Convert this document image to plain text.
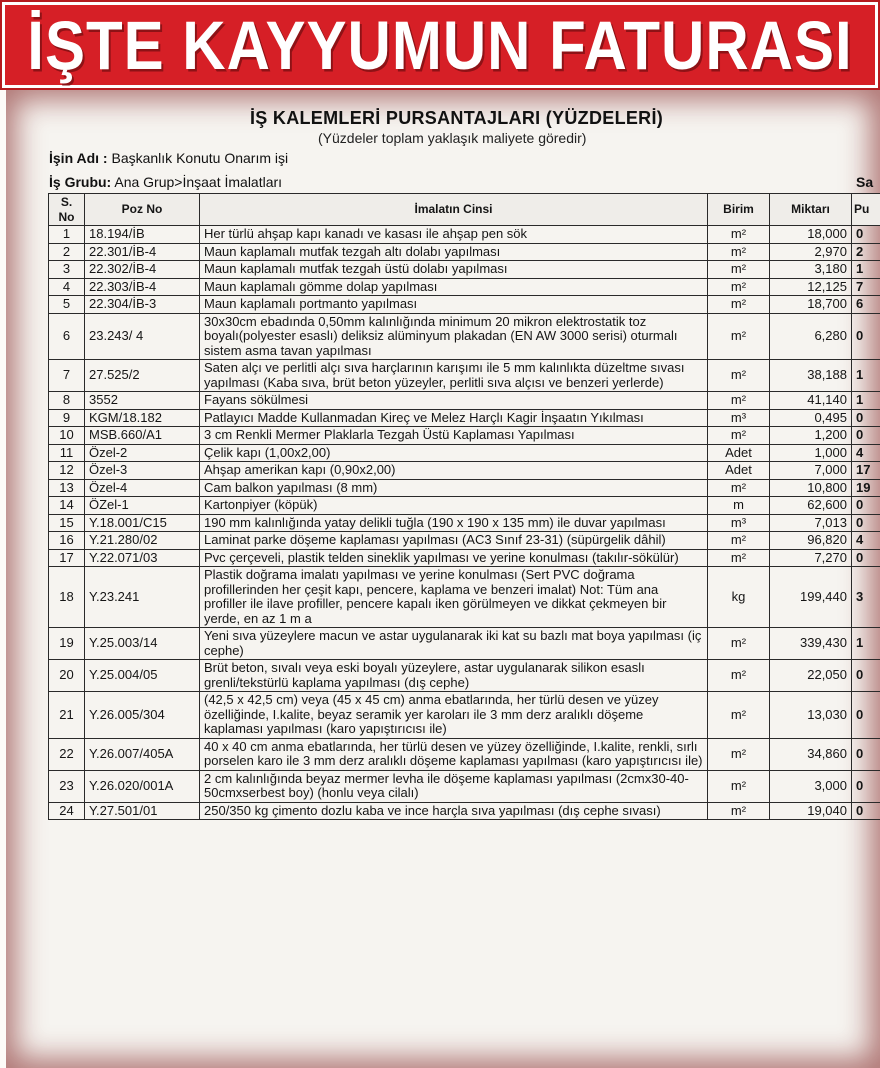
İŞTE KAYYUMUN FATURASI
İŞ KALEMLERİ PURSANTAJLARI (YÜZDELERİ)
(Yüzdeler toplam yaklaşık maliyete göredir)
İşin Adı : Başkanlık Konutu Onarım işi
İş Grubu: Ana Grup>İnşaat İmalatları	Sa
S. No	Poz No	İmalatın Cinsi	Birim	Miktarı	Pu
1	18.194/İB	Her türlü ahşap kapı kanadı ve kasası ile ahşap pen sök	m²	18,000	0
2	22.301/İB-4	Maun kaplamalı mutfak tezgah altı dolabı yapılması	m²	2,970	2
3	22.302/İB-4	Maun kaplamalı mutfak tezgah üstü dolabı yapılması	m²	3,180	1
4	22.303/İB-4	Maun kaplamalı gömme dolap yapılması	m²	12,125	7
5	22.304/İB-3	Maun kaplamalı portmanto yapılması	m²	18,700	6
6	23.243/ 4	30x30cm ebadında 0,50mm kalınlığında minimum 20 mikron elektrostatik toz boyalı(polyester esaslı) deliksiz alüminyum plakadan (EN AW 3000 serisi) oturmalı sistem asma tavan yapılması	m²	6,280	0
7	27.525/2	Saten alçı ve perlitli alçı sıva harçlarının karışımı ile 5 mm kalınlıkta düzeltme sıvası yapılması (Kaba sıva, brüt beton yüzeyler, perlitli sıva alçısı ve benzeri yerlerde)	m²	38,188	1
8	3552	Fayans sökülmesi	m²	41,140	1
9	KGM/18.182	Patlayıcı Madde Kullanmadan Kireç ve Melez Harçlı Kagir İnşaatın Yıkılması	m³	0,495	0
10	MSB.660/A1	3 cm Renkli Mermer Plaklarla Tezgah Üstü Kaplaması Yapılması	m²	1,200	0
11	Özel-2	Çelik kapı (1,00x2,00)	Adet	1,000	4
12	Özel-3	Ahşap amerikan kapı (0,90x2,00)	Adet	7,000	17
13	Özel-4	Cam balkon yapılması (8 mm)	m²	10,800	19
14	ÖZel-1	Kartonpiyer (köpük)	m	62,600	0
15	Y.18.001/C15	190 mm kalınlığında yatay delikli tuğla (190 x 190 x 135 mm) ile duvar yapılması	m³	7,013	0
16	Y.21.280/02	Laminat parke döşeme kaplaması yapılması (AC3 Sınıf 23-31) (süpürgelik dâhil)	m²	96,820	4
17	Y.22.071/03	Pvc çerçeveli, plastik telden sineklik yapılması ve yerine konulması (takılır-sökülür)	m²	7,270	0
18	Y.23.241	Plastik doğrama imalatı yapılması ve yerine konulması (Sert PVC doğrama profillerinden her çeşit kapı, pencere, kaplama ve benzeri imalat) Not: Tüm ana profiller ile ilave profiller, pencere kapalı iken görülmeyen ve dikkat çekmeyen bir yerde, en az 1 m a	kg	199,440	3
19	Y.25.003/14	Yeni sıva yüzeylere macun ve astar uygulanarak iki kat su bazlı mat boya yapılması (iç cephe)	m²	339,430	1
20	Y.25.004/05	Brüt beton, sıvalı veya eski boyalı yüzeylere, astar uygulanarak silikon esaslı grenli/tekstürlü kaplama yapılması (dış cephe)	m²	22,050	0
21	Y.26.005/304	(42,5 x 42,5 cm) veya (45 x 45 cm) anma ebatlarında, her türlü desen ve yüzey özelliğinde, I.kalite, beyaz seramik yer karoları ile 3 mm derz aralıklı döşeme kaplaması yapılması (karo yapıştırıcısı ile)	m²	13,030	0
22	Y.26.007/405A	40 x 40 cm anma ebatlarında, her türlü desen ve yüzey özelliğinde, I.kalite, renkli, sırlı porselen karo ile 3 mm derz aralıklı döşeme kaplaması yapılması (karo yapıştırıcısı ile)	m²	34,860	0
23	Y.26.020/001A	2 cm kalınlığında beyaz mermer levha ile döşeme kaplaması yapılması (2cmx30-40-50cmxserbest boy) (honlu veya cilalı)	m²	3,000	0
24	Y.27.501/01	250/350 kg çimento dozlu kaba ve ince harçla sıva yapılması (dış cephe sıvası)	m²	19,040	0
